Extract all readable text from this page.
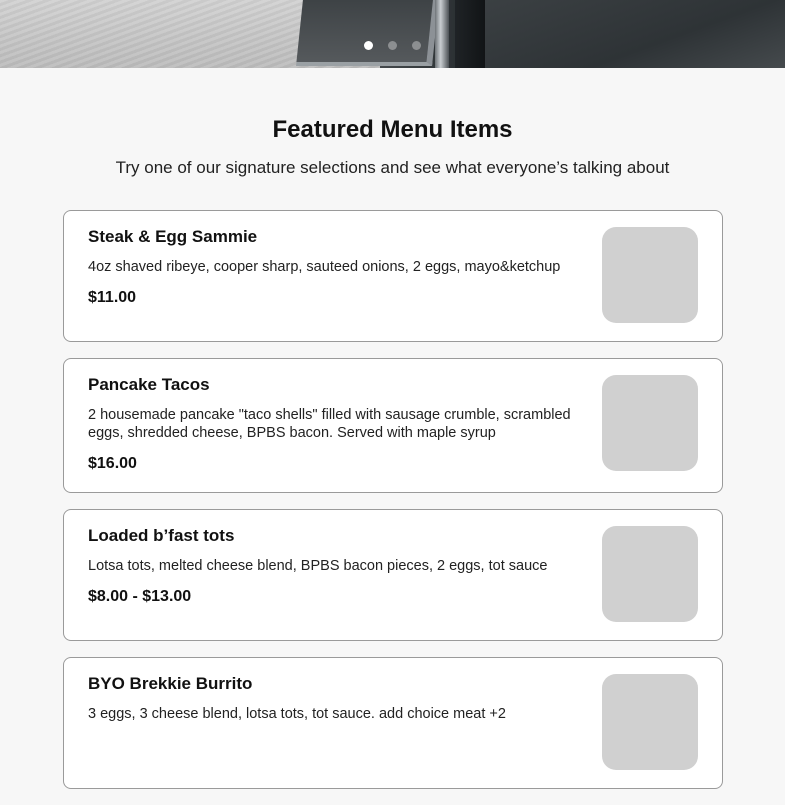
Featured Menu Items

Try one of our signature selections and see what everyone’s talking about

Steak & Egg Sammie

4oz shaved ribeye, cooper sharp, sauteed onions, 2 eggs, mayo&ketchup

$11.00

Pancake Tacos

2 housemade pancake "taco shells" filled with sausage crumble, scrambled eggs, shredded cheese, BPBS bacon. Served with maple syrup

$16.00

Loaded b’fast tots

Lotsa tots, melted cheese blend, BPBS bacon pieces, 2 eggs, tot sauce

$8.00 - $13.00

BYO Brekkie Burrito

3 eggs, 3 cheese blend, lotsa tots, tot sauce. add choice meat +2
